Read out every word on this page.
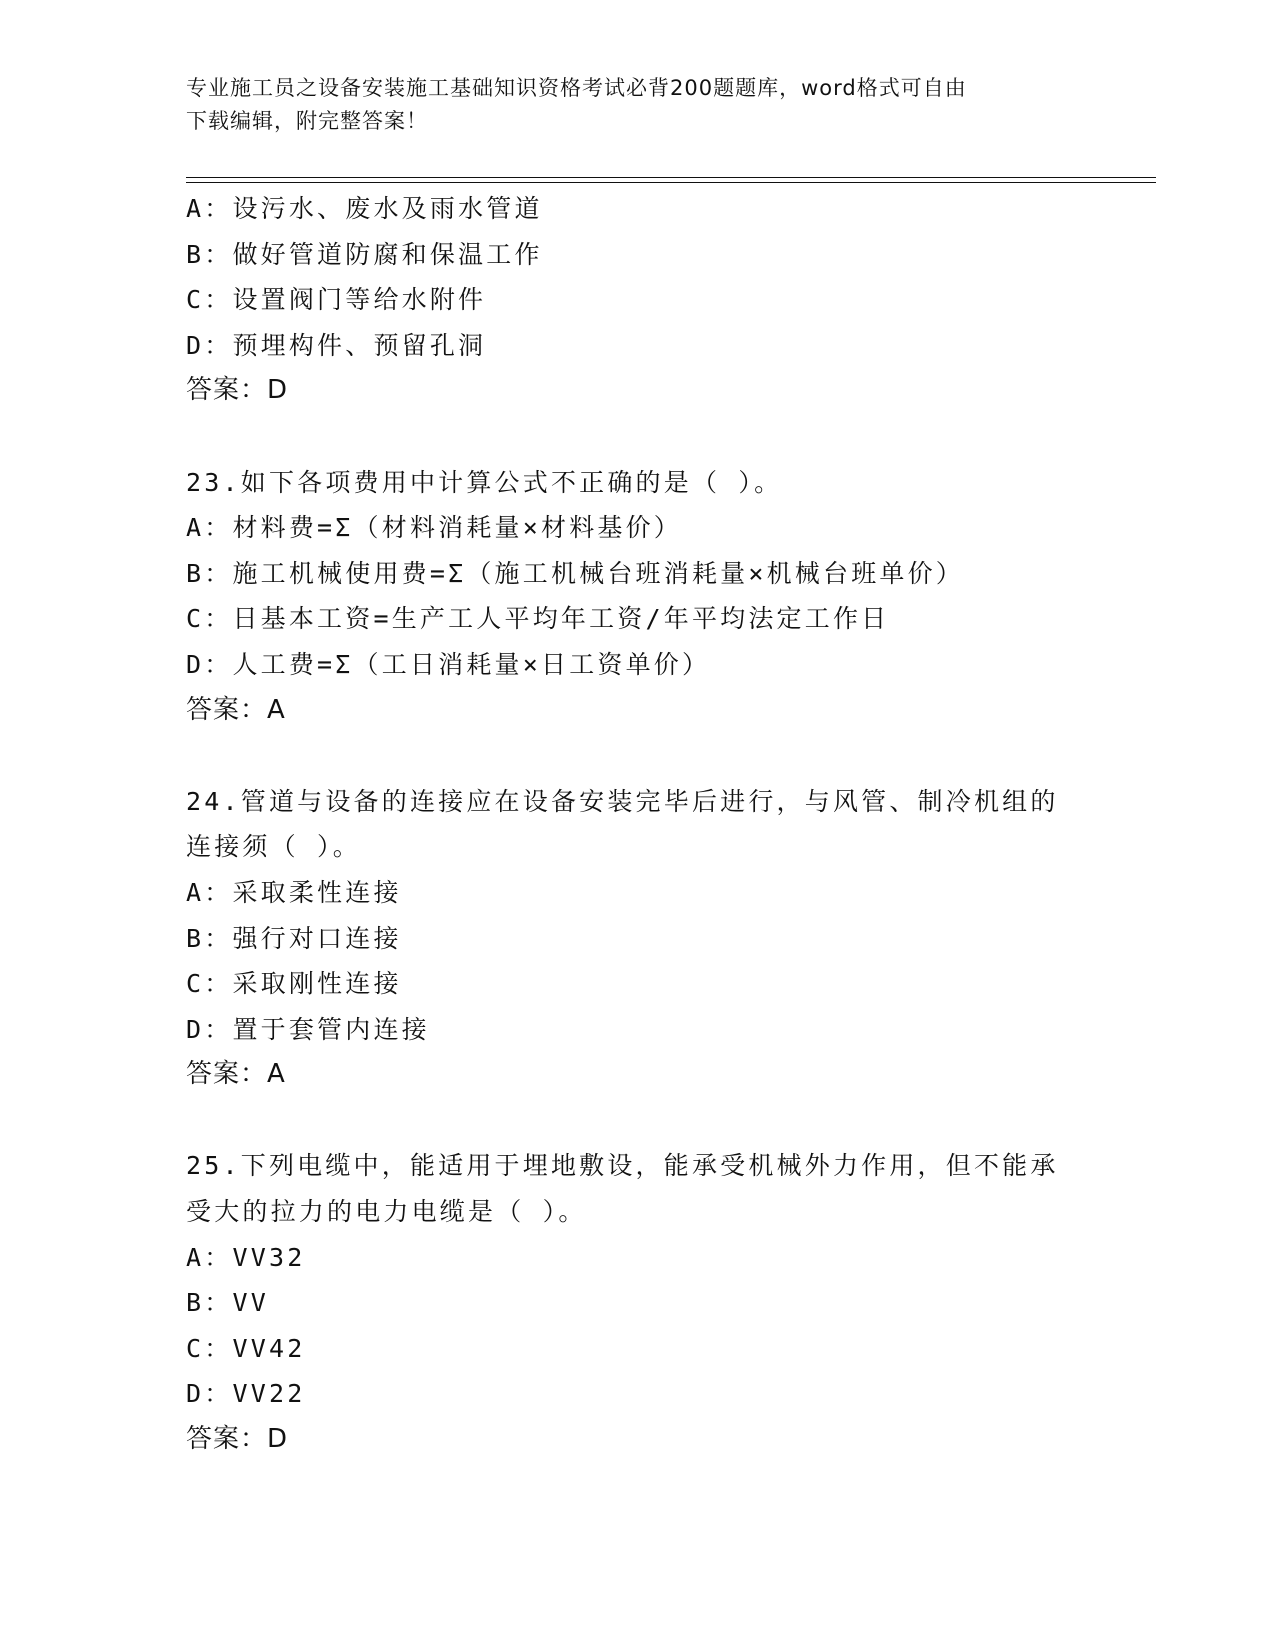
专业施工员之设备安装施工基础知识资格考试必背200题题库，word格式可自由
下载编辑，附完整答案！
A：设污水、废水及雨水管道
B：做好管道防腐和保温工作
C：设置阀门等给水附件
D：预埋构件、预留孔洞
答案：D
23.如下各项费用中计算公式不正确的是（ ）。
A：材料费=Σ（材料消耗量×材料基价）
B：施工机械使用费=Σ（施工机械台班消耗量×机械台班单价）
C：日基本工资=生产工人平均年工资/年平均法定工作日
D：人工费=Σ（工日消耗量×日工资单价）
答案：A
24.管道与设备的连接应在设备安装完毕后进行，与风管、制冷机组的
连接须（ ）。
A：采取柔性连接
B：强行对口连接
C：采取刚性连接
D：置于套管内连接
答案：A
25.下列电缆中，能适用于埋地敷设，能承受机械外力作用，但不能承
受大的拉力的电力电缆是（ ）。
A：VV32
B：VV
C：VV42
D：VV22
答案：D
